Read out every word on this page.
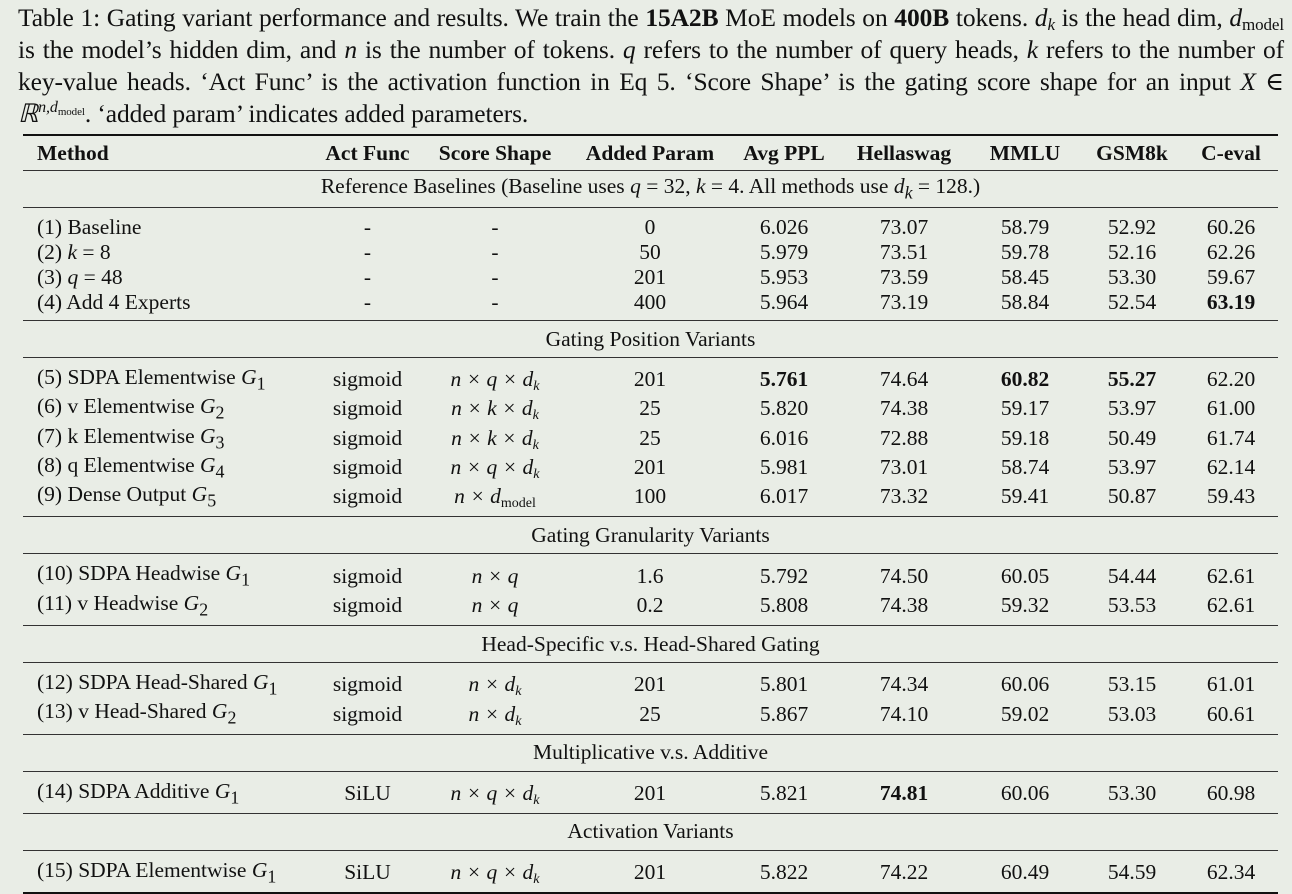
Table 1: Gating variant performance and results. We train the 15A2B MoE models on 400B tokens. $d_k$ is the head dim, $d_{model}$ is the model’s hidden dim, and n is the number of tokens. q refers to the number of query heads, k refers to the number of key-value heads. ‘Act Func’ is the activation function in Eq 5. ‘Score Shape’ is the gating score shape for an input X ∈ ℝ$^{n,dmodel}$. ‘added param’ indicates added parameters.
Method	Act Func	Score Shape	Added Param	Avg PPL	Hellaswag	MMLU	GSM8k	C-eval
Reference Baselines (Baseline uses q = 32, k = 4. All methods use $d_k = 128$.)								
(1) Baseline	-	-	0	6.026	73.07	58.79	52.92	60.26
(2) k = 8	-	-	50	5.979	73.51	59.78	52.16	62.26
(3) q = 48	-	-	201	5.953	73.59	58.45	53.30	59.67
(4) Add 4 Experts	-	-	400	5.964	73.19	58.84	52.54	63.19
Gating Position Variants								
(5) SDPA Elementwise $G_1$	sigmoid	$n \times q \times d_k$	201	5.761	74.64	60.82	55.27	62.20
(6) v Elementwise $G_2$	sigmoid	$n \times k \times d_k$	25	5.820	74.38	59.17	53.97	61.00
(7) k Elementwise $G_3$	sigmoid	$n \times k \times d_k$	25	6.016	72.88	59.18	50.49	61.74
(8) q Elementwise $G_4$	sigmoid	$n \times q \times d_k$	201	5.981	73.01	58.74	53.97	62.14
(9) Dense Output $G_5$	sigmoid	$n \times d_{model}$	100	6.017	73.32	59.41	50.87	59.43
Gating Granularity Variants								
(10) SDPA Headwise $G_1$	sigmoid	n × q	1.6	5.792	74.50	60.05	54.44	62.61
(11) v Headwise $G_2$	sigmoid	n × q	0.2	5.808	74.38	59.32	53.53	62.61
Head-Specific v.s. Head-Shared Gating								
(12) SDPA Head-Shared $G_1$	sigmoid	$n \times d_k$	201	5.801	74.34	60.06	53.15	61.01
(13) v Head-Shared $G_2$	sigmoid	$n \times d_k$	25	5.867	74.10	59.02	53.03	60.61
Multiplicative v.s. Additive								
(14) SDPA Additive $G_1$	SiLU	$n \times q \times d_k$	201	5.821	74.81	60.06	53.30	60.98
Activation Variants								
(15) SDPA Elementwise $G_1$	SiLU	$n \times q \times d_k$	201	5.822	74.22	60.49	54.59	62.34
